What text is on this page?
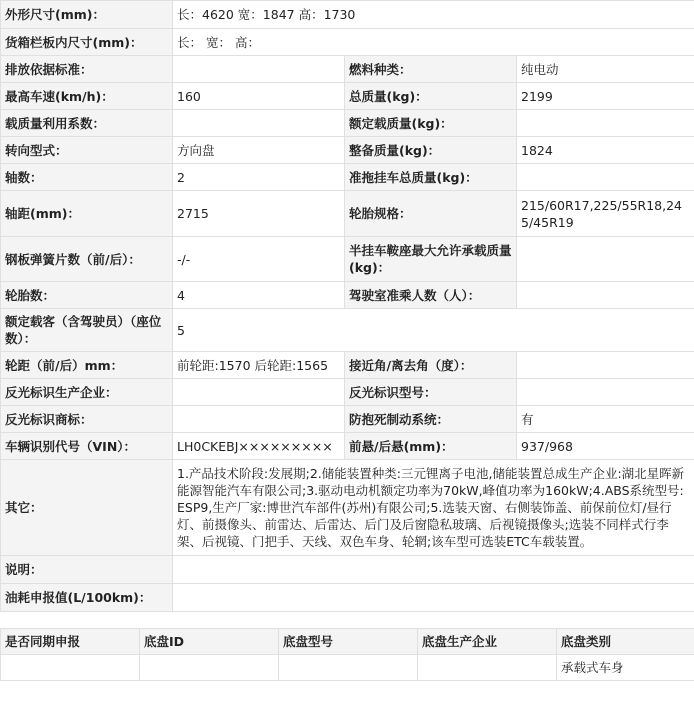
外形尺寸(mm)：	长：4620 宽：1847 高：1730		
货箱栏板内尺寸(mm)：	长： 宽： 高：		
排放依据标准：		燃料种类：	纯电动
最高车速(km/h)：	160	总质量(kg)：	2199
载质量利用系数：		额定载质量(kg)：	
转向型式：	方向盘	整备质量(kg)：	1824
轴数：	2	准拖挂车总质量(kg)：	
轴距(mm)：	2715	轮胎规格：	215/60R17,225/55R18,245/45R19
钢板弹簧片数（前/后）：	-/-	半挂车鞍座最大允许承载质量(kg)：	
轮胎数：	4	驾驶室准乘人数（人）：	
额定载客（含驾驶员）（座位数）：	5		
轮距（前/后）mm：	前轮距:1570 后轮距:1565	接近角/离去角（度）：	
反光标识生产企业：		反光标识型号：	
反光标识商标：		防抱死制动系统：	有
车辆识别代号（VIN）：	LH0CKEBJ×××××××××	前悬/后悬(mm)：	937/968
其它：	1.产品技术阶段:发展期;2.储能装置种类:三元锂离子电池,储能装置总成生产企业:湖北星晖新能源智能汽车有限公司;3.驱动电动机额定功率为70kW,峰值功率为160kW;4.ABS系统型号:ESP9,生产厂家:博世汽车部件(苏州)有限公司;5.选装天窗、右侧装饰盖、前保前位灯/昼行灯、前摄像头、前雷达、后雷达、后门及后窗隐私玻璃、后视镜摄像头;选装不同样式行李架、后视镜、门把手、天线、双色车身、轮辋;该车型可选装ETC车载装置。		
说明：			
油耗申报值(L/100km)：			
是否同期申报	底盘ID	底盘型号	底盘生产企业	底盘类别
				承载式车身
